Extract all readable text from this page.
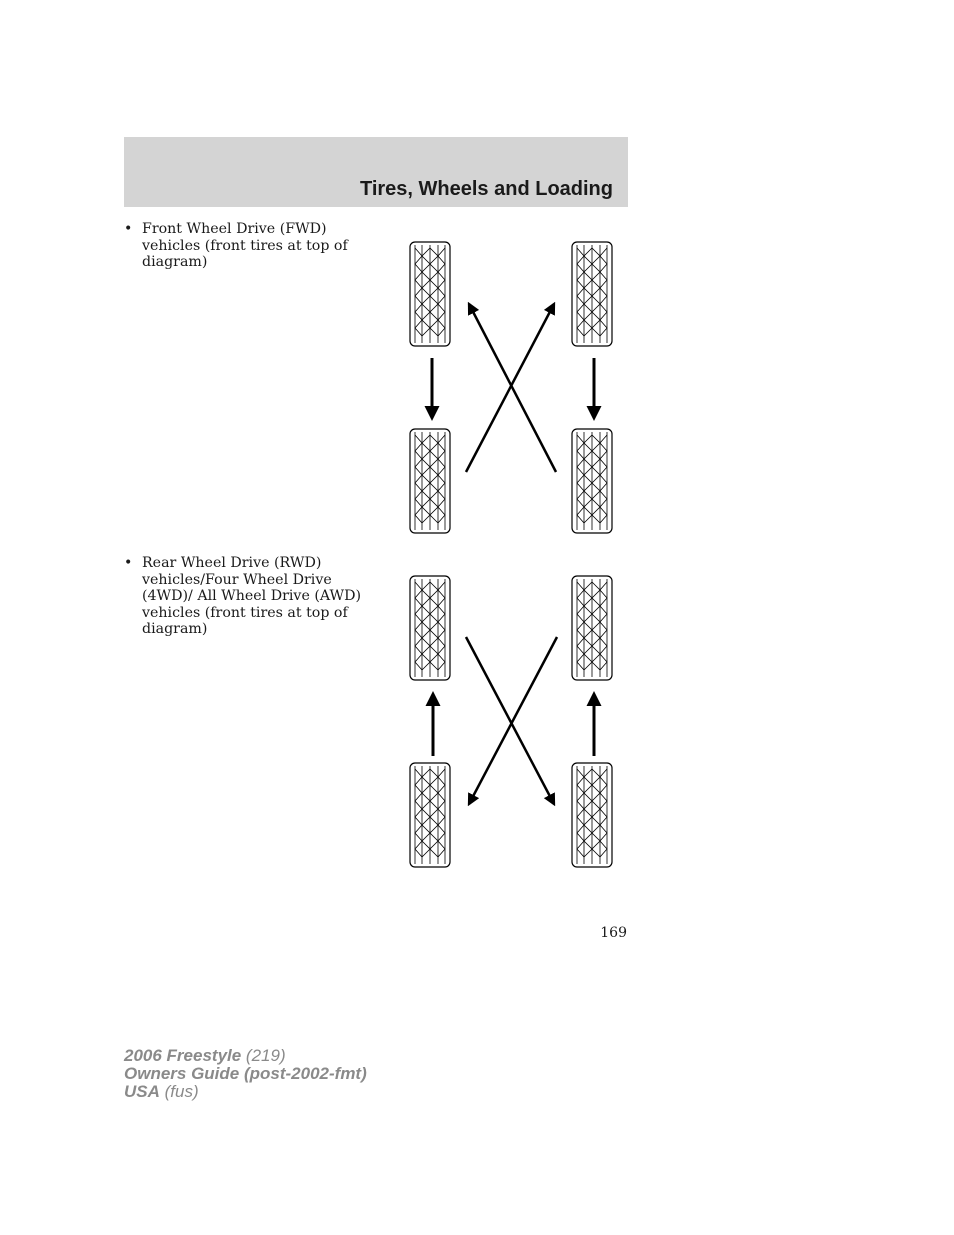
Tires, Wheels and Loading
• Front Wheel Drive (FWD) vehicles (front tires at top of diagram)
• Rear Wheel Drive (RWD) vehicles/Four Wheel Drive (4WD)/ All Wheel Drive (AWD) vehicles (front tires at top of diagram)
169
2006 Freestyle (219)
Owners Guide (post-2002-fmt)
USA (fus)
